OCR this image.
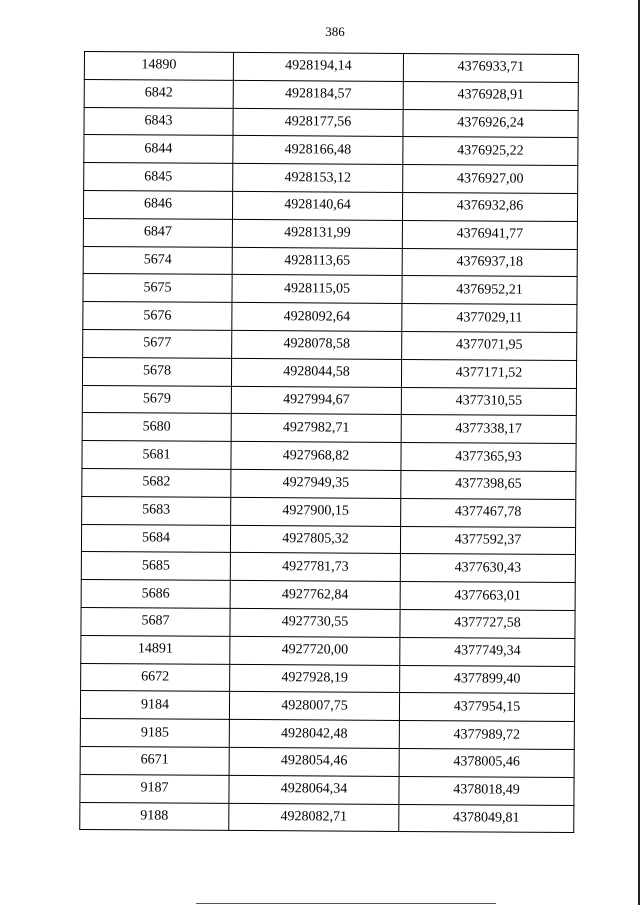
386
14890	4928194,14	4376933,71
6842	4928184,57	4376928,91
6843	4928177,56	4376926,24
6844	4928166,48	4376925,22
6845	4928153,12	4376927,00
6846	4928140,64	4376932,86
6847	4928131,99	4376941,77
5674	4928113,65	4376937,18
5675	4928115,05	4376952,21
5676	4928092,64	4377029,11
5677	4928078,58	4377071,95
5678	4928044,58	4377171,52
5679	4927994,67	4377310,55
5680	4927982,71	4377338,17
5681	4927968,82	4377365,93
5682	4927949,35	4377398,65
5683	4927900,15	4377467,78
5684	4927805,32	4377592,37
5685	4927781,73	4377630,43
5686	4927762,84	4377663,01
5687	4927730,55	4377727,58
14891	4927720,00	4377749,34
6672	4927928,19	4377899,40
9184	4928007,75	4377954,15
9185	4928042,48	4377989,72
6671	4928054,46	4378005,46
9187	4928064,34	4378018,49
9188	4928082,71	4378049,81
